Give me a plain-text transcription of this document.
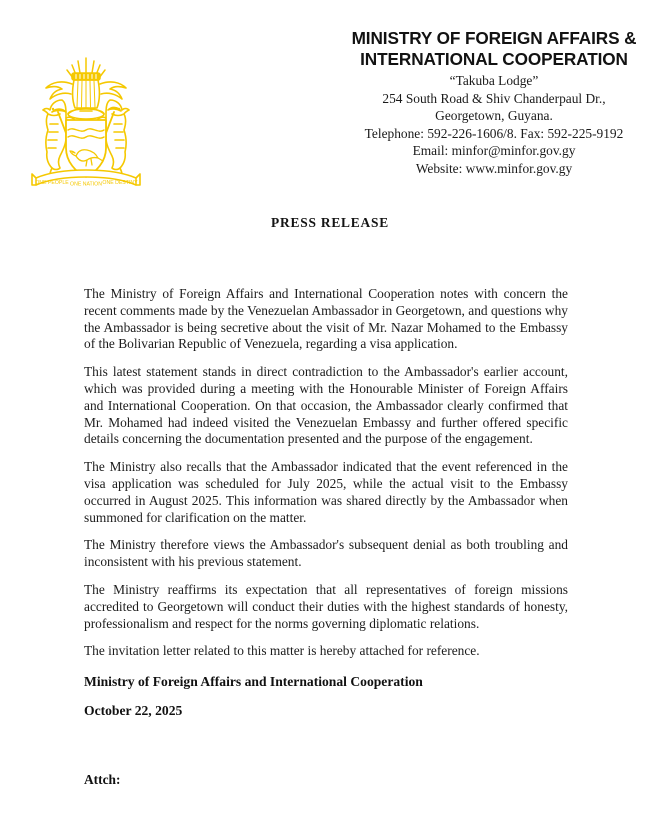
ONE PEOPLE ONE NATION ONE DESTINY
MINISTRY OF FOREIGN AFFAIRS &
INTERNATIONAL COOPERATION
“Takuba Lodge”
254 South Road & Shiv Chanderpaul Dr.,
Georgetown, Guyana.
Telephone: 592-226-1606/8. Fax: 592-225-9192
Email: minfor@minfor.gov.gy
Website: www.minfor.gov.gy
PRESS RELEASE

The Ministry of Foreign Affairs and International Cooperation notes with concern the recent comments made by the Venezuelan Ambassador in Georgetown, and questions why the Ambassador is being secretive about the visit of Mr. Nazar Mohamed to the Embassy of the Bolivarian Republic of Venezuela, regarding a visa application.

This latest statement stands in direct contradiction to the Ambassador's earlier account, which was provided during a meeting with the Honourable Minister of Foreign Affairs and International Cooperation. On that occasion, the Ambassador clearly confirmed that Mr. Mohamed had indeed visited the Venezuelan Embassy and further offered specific details concerning the documentation presented and the purpose of the engagement.

The Ministry also recalls that the Ambassador indicated that the event referenced in the visa application was scheduled for July 2025, while the actual visit to the Embassy occurred in August 2025. This information was shared directly by the Ambassador when summoned for clarification on the matter.

The Ministry therefore views the Ambassador's subsequent denial as both troubling and inconsistent with his previous statement.

The Ministry reaffirms its expectation that all representatives of foreign missions accredited to Georgetown will conduct their duties with the highest standards of honesty, professionalism and respect for the norms governing diplomatic relations.

The invitation letter related to this matter is hereby attached for reference.

Ministry of Foreign Affairs and International Cooperation
October 22, 2025
Attch:
